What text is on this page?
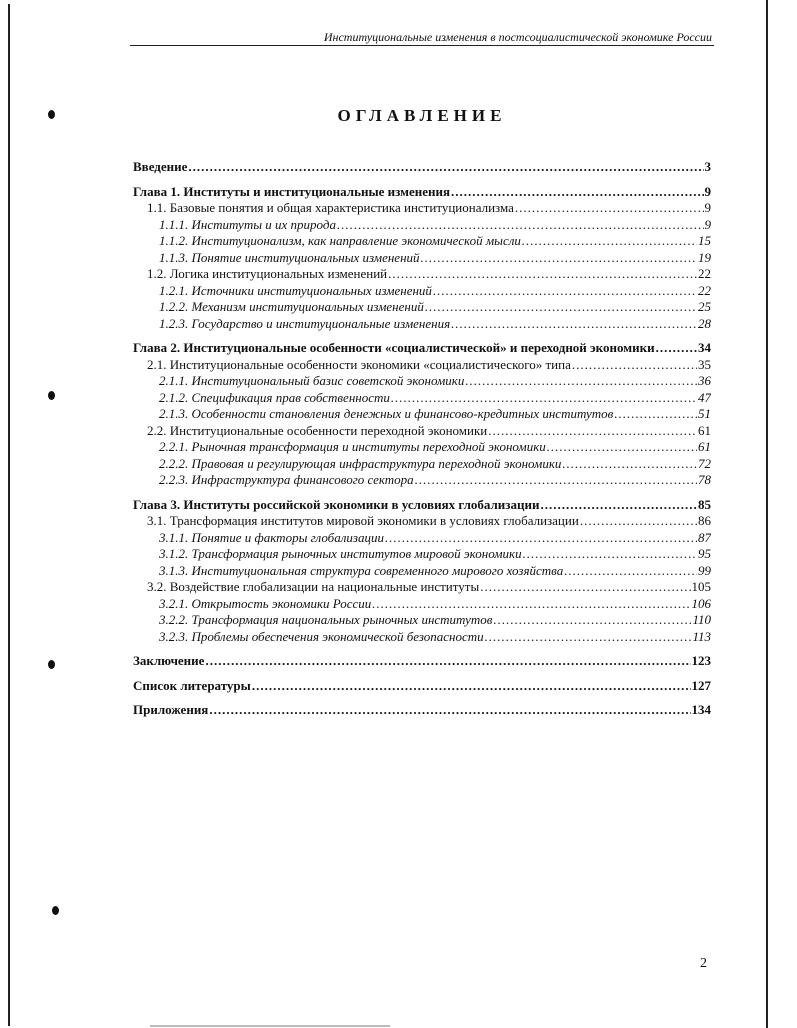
Институциональные изменения в постсоциалистической экономике России
ОГЛАВЛЕНИЕ
Введение .....	3
Глава 1. Институты и институциональные изменения .....	9
1.1. Базовые понятия и общая характеристика институционализма .....	9
1.1.1. Институты и их природа .....	9
1.1.2. Институционализм, как направление экономической мысли .....	15
1.1.3. Понятие институциональных изменений .....	19
1.2. Логика институциональных изменений .....	22
1.2.1. Источники институциональных изменений .....	22
1.2.2. Механизм институциональных изменений .....	25
1.2.3. Государство и институциональные изменения .....	28
Глава 2. Институциональные особенности «социалистической» и переходной экономики .....	34
2.1. Институциональные особенности экономики «социалистического» типа .....	35
2.1.1. Институциональный базис советской экономики .....	36
2.1.2. Спецификация прав собственности .....	47
2.1.3. Особенности становления денежных и финансово-кредитных институтов .....	51
2.2. Институциональные особенности переходной экономики .....	61
2.2.1. Рыночная трансформация и институты переходной экономики .....	61
2.2.2. Правовая и регулирующая инфраструктура переходной экономики .....	72
2.2.3. Инфраструктура финансового сектора .....	78
Глава 3. Институты российской экономики в условиях глобализации .....	85
3.1. Трансформация институтов мировой экономики в условиях глобализации .....	86
3.1.1. Понятие и факторы глобализации .....	87
3.1.2. Трансформация рыночных институтов мировой экономики .....	95
3.1.3. Институциональная структура современного мирового хозяйства .....	99
3.2. Воздействие глобализации на национальные институты .....	105
3.2.1. Открытость экономики России .....	106
3.2.2. Трансформация национальных рыночных институтов .....	110
3.2.3. Проблемы обеспечения экономической безопасности .....	113
Заключение .....	123
Список литературы .....	127
Приложения .....	134
2
